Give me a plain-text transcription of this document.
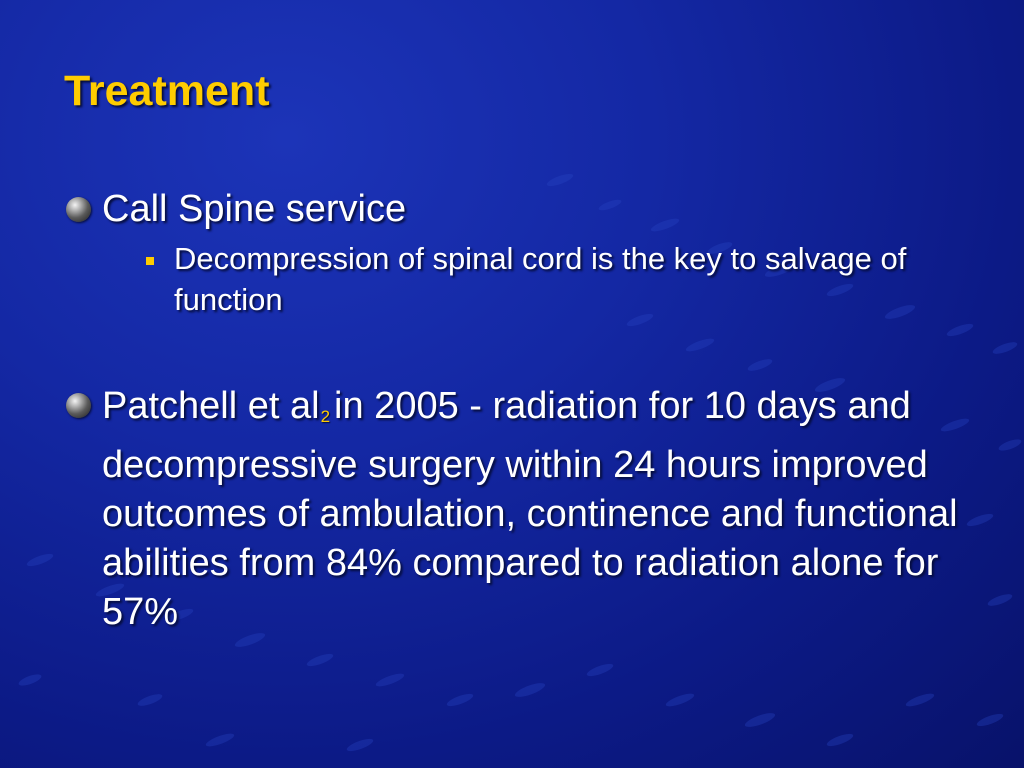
Treatment
Call Spine service
Decompression of spinal cord is the key to salvage of function
Patchell et $al_2$ in 2005 - radiation for 10 days and decompressive surgery within 24 hours improved outcomes of ambulation, continence and functional abilities from 84% compared to radiation alone for 57%
